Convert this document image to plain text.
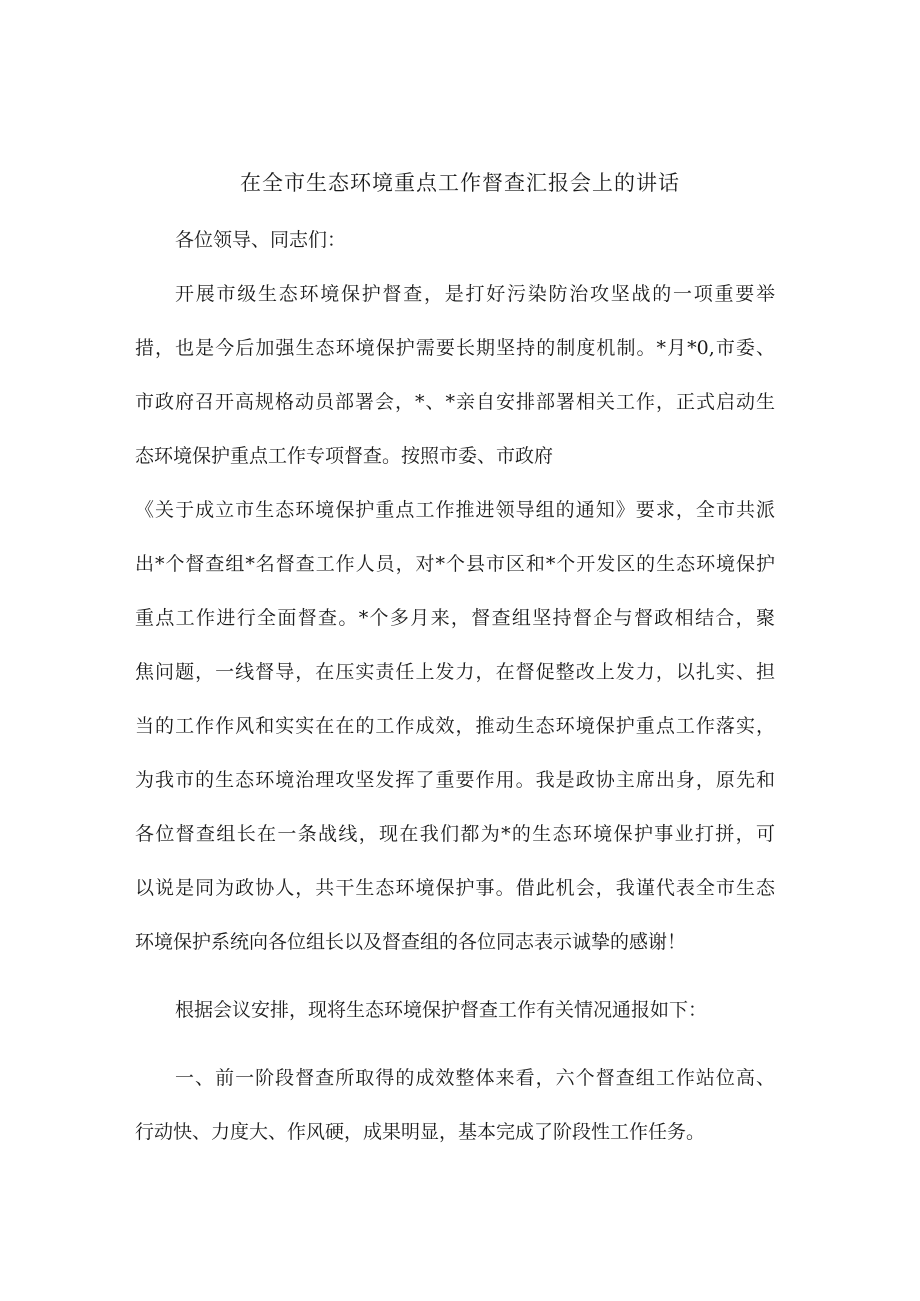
在全市生态环境重点工作督查汇报会上的讲话
各位领导、同志们：
开展市级生态环境保护督查，是打好污染防治攻坚战的一项重要举
措，也是今后加强生态环境保护需要长期坚持的制度机制。*月*0,市委、
市政府召开高规格动员部署会，*、*亲自安排部署相关工作，正式启动生
态环境保护重点工作专项督查。按照市委、市政府
《关于成立市生态环境保护重点工作推进领导组的通知》要求，全市共派
出*个督查组*名督查工作人员，对*个县市区和*个开发区的生态环境保护
重点工作进行全面督查。*个多月来，督查组坚持督企与督政相结合，聚
焦问题，一线督导，在压实责任上发力，在督促整改上发力，以扎实、担
当的工作作风和实实在在的工作成效，推动生态环境保护重点工作落实，
为我市的生态环境治理攻坚发挥了重要作用。我是政协主席出身，原先和
各位督查组长在一条战线，现在我们都为*的生态环境保护事业打拼，可
以说是同为政协人，共干生态环境保护事。借此机会，我谨代表全市生态
环境保护系统向各位组长以及督查组的各位同志表示诚挚的感谢！
根据会议安排，现将生态环境保护督查工作有关情况通报如下：
一、前一阶段督查所取得的成效整体来看，六个督查组工作站位高、
行动快、力度大、作风硬，成果明显，基本完成了阶段性工作任务。
